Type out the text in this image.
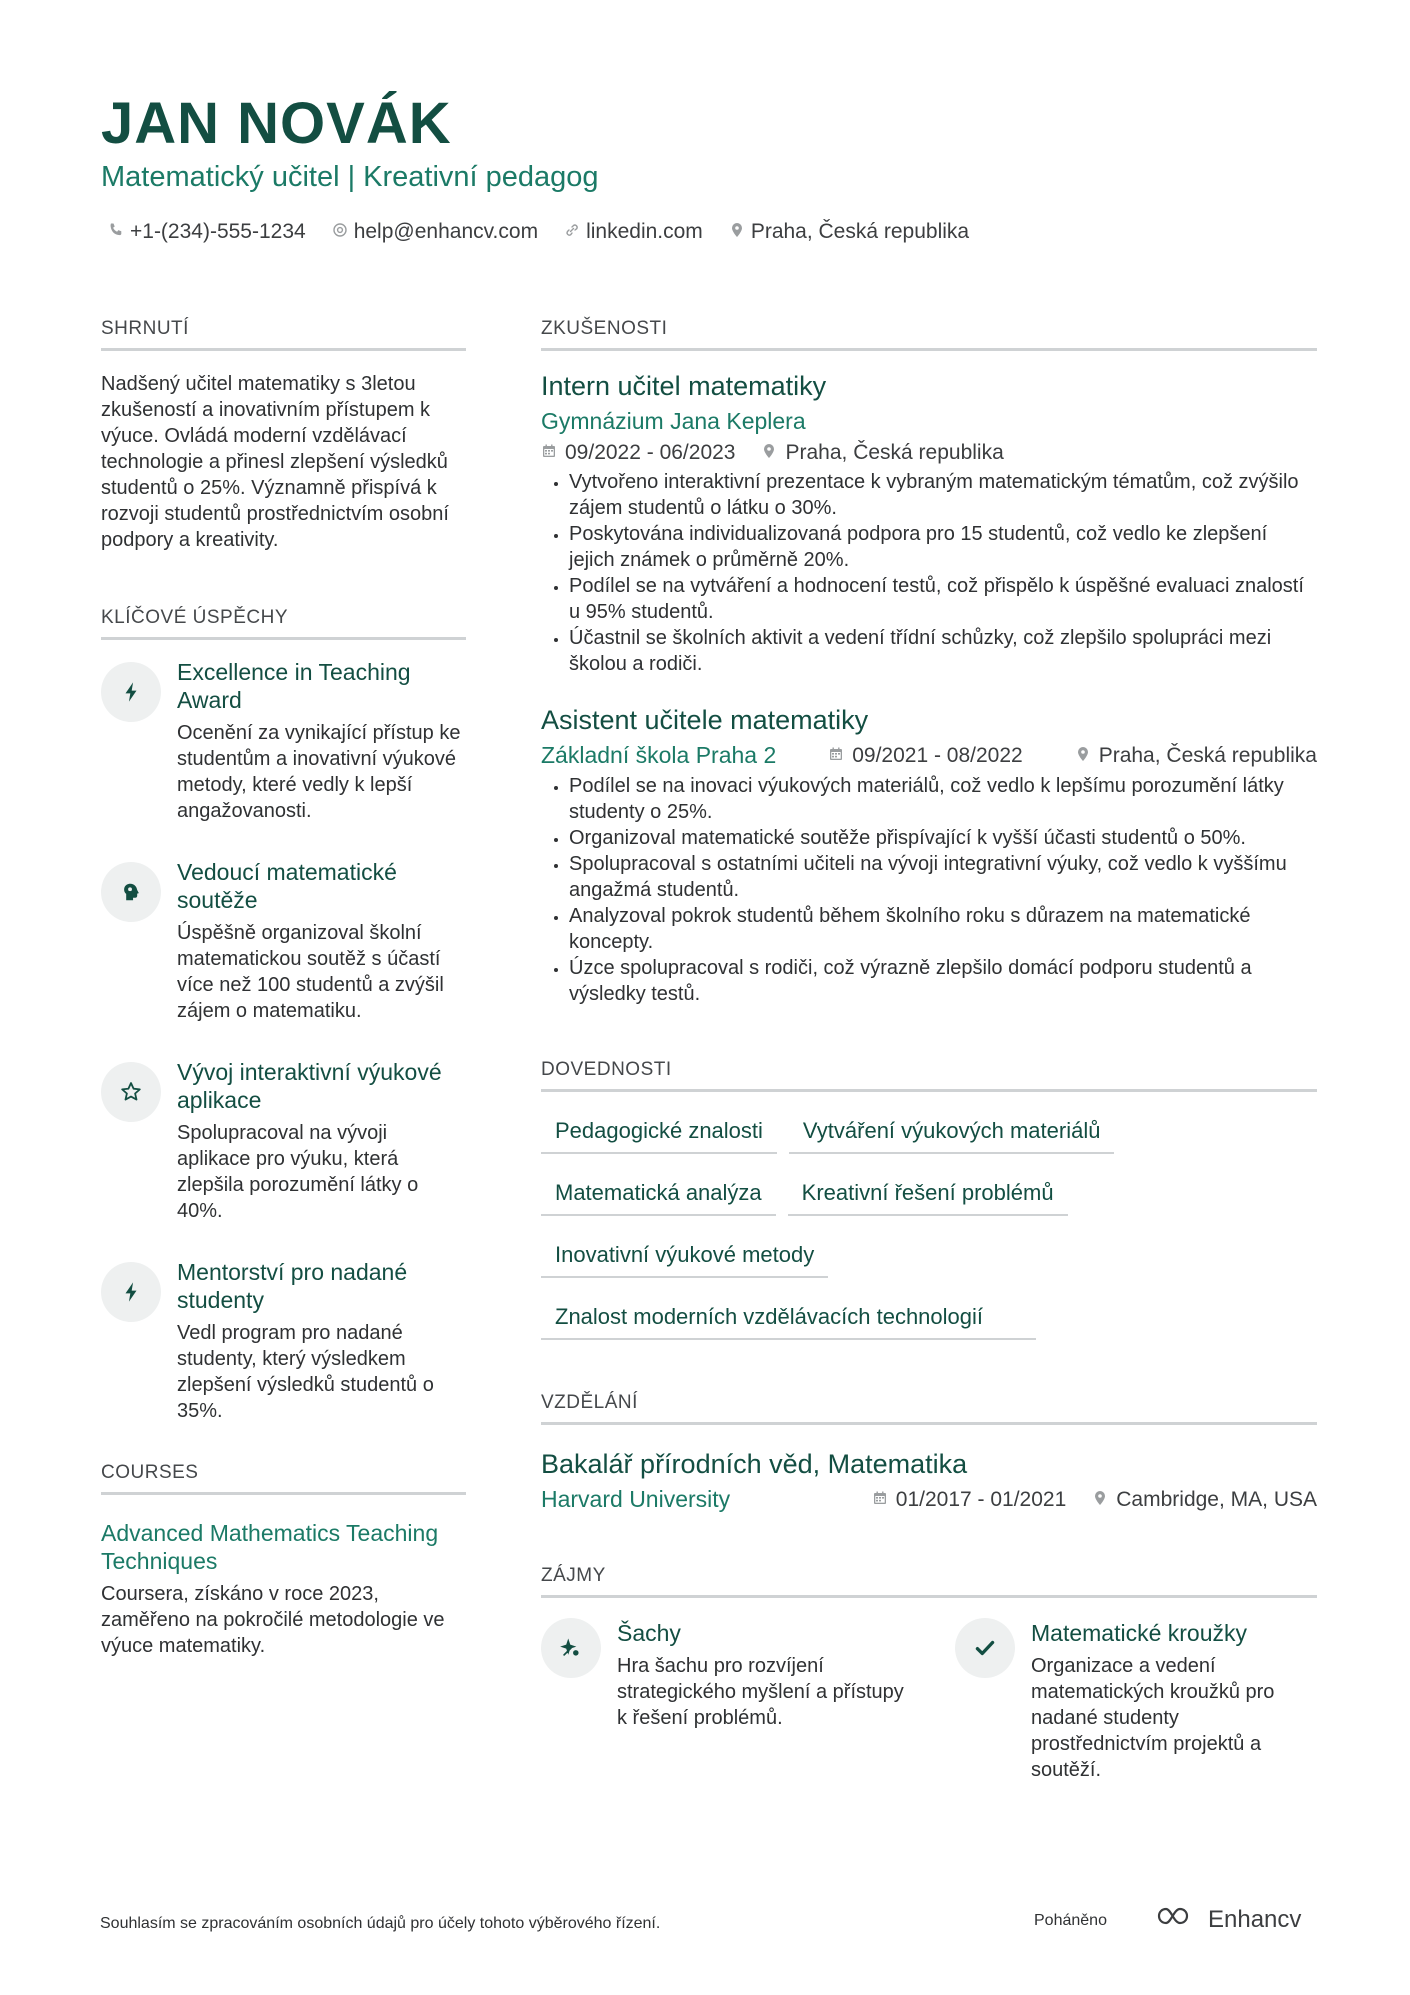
JAN NOVÁK
Matematický učitel | Kreativní pedagog
+1-(234)-555-1234 help@enhancv.com linkedin.com Praha, Česká republika
SHRNUTÍ
Nadšený učitel matematiky s 3letou zkušeností a inovativním přístupem k výuce. Ovládá moderní vzdělávací technologie a přinesl zlepšení výsledků studentů o 25%. Významně přispívá k rozvoji studentů prostřednictvím osobní podpory a kreativity.
KLÍČOVÉ ÚSPĚCHY
Excellence in Teaching Award
Ocenění za vynikající přístup ke studentům a inovativní výukové metody, které vedly k lepší angažovanosti.
Vedoucí matematické soutěže
Úspěšně organizoval školní matematickou soutěž s účastí více než 100 studentů a zvýšil zájem o matematiku.
Vývoj interaktivní výukové aplikace
Spolupracoval na vývoji aplikace pro výuku, která zlepšila porozumění látky o 40%.
Mentorství pro nadané studenty
Vedl program pro nadané studenty, který výsledkem zlepšení výsledků studentů o 35%.
COURSES
Advanced Mathematics Teaching Techniques
Coursera, získáno v roce 2023, zaměřeno na pokročilé metodologie ve výuce matematiky.
ZKUŠENOSTI
Intern učitel matematiky
Gymnázium Jana Keplera
09/2022 - 06/2023 Praha, Česká republika
• Vytvořeno interaktivní prezentace k vybraným matematickým tématům, což zvýšilo zájem studentů o látku o 30%.
• Poskytována individualizovaná podpora pro 15 studentů, což vedlo ke zlepšení jejich známek o průměrně 20%.
• Podílel se na vytváření a hodnocení testů, což přispělo k úspěšné evaluaci znalostí u 95% studentů.
• Účastnil se školních aktivit a vedení třídní schůzky, což zlepšilo spolupráci mezi školou a rodiči.
Asistent učitele matematiky
Základní škola Praha 2	09/2021 - 08/2022	Praha, Česká republika
• Podílel se na inovaci výukových materiálů, což vedlo k lepšímu porozumění látky studenty o 25%.
• Organizoval matematické soutěže přispívající k vyšší účasti studentů o 50%.
• Spolupracoval s ostatními učiteli na vývoji integrativní výuky, což vedlo k vyššímu angažmá studentů.
• Analyzoval pokrok studentů během školního roku s důrazem na matematické koncepty.
• Úzce spolupracoval s rodiči, což výrazně zlepšilo domácí podporu studentů a výsledky testů.
DOVEDNOSTI
Pedagogické znalosti	Vytváření výukových materiálů
Matematická analýza	Kreativní řešení problémů
Inovativní výukové metody
Znalost moderních vzdělávacích technologií
VZDĚLÁNÍ
Bakalář přírodních věd, Matematika
Harvard University	01/2017 - 01/2021 Cambridge, MA, USA
ZÁJMY
Šachy
Hra šachu pro rozvíjení strategického myšlení a přístupy k řešení problémů.
Matematické kroužky
Organizace a vedení matematických kroužků pro nadané studenty prostřednictvím projektů a soutěží.
Souhlasím se zpracováním osobních údajů pro účely tohoto výběrového řízení.	Poháněno	Enhancv
